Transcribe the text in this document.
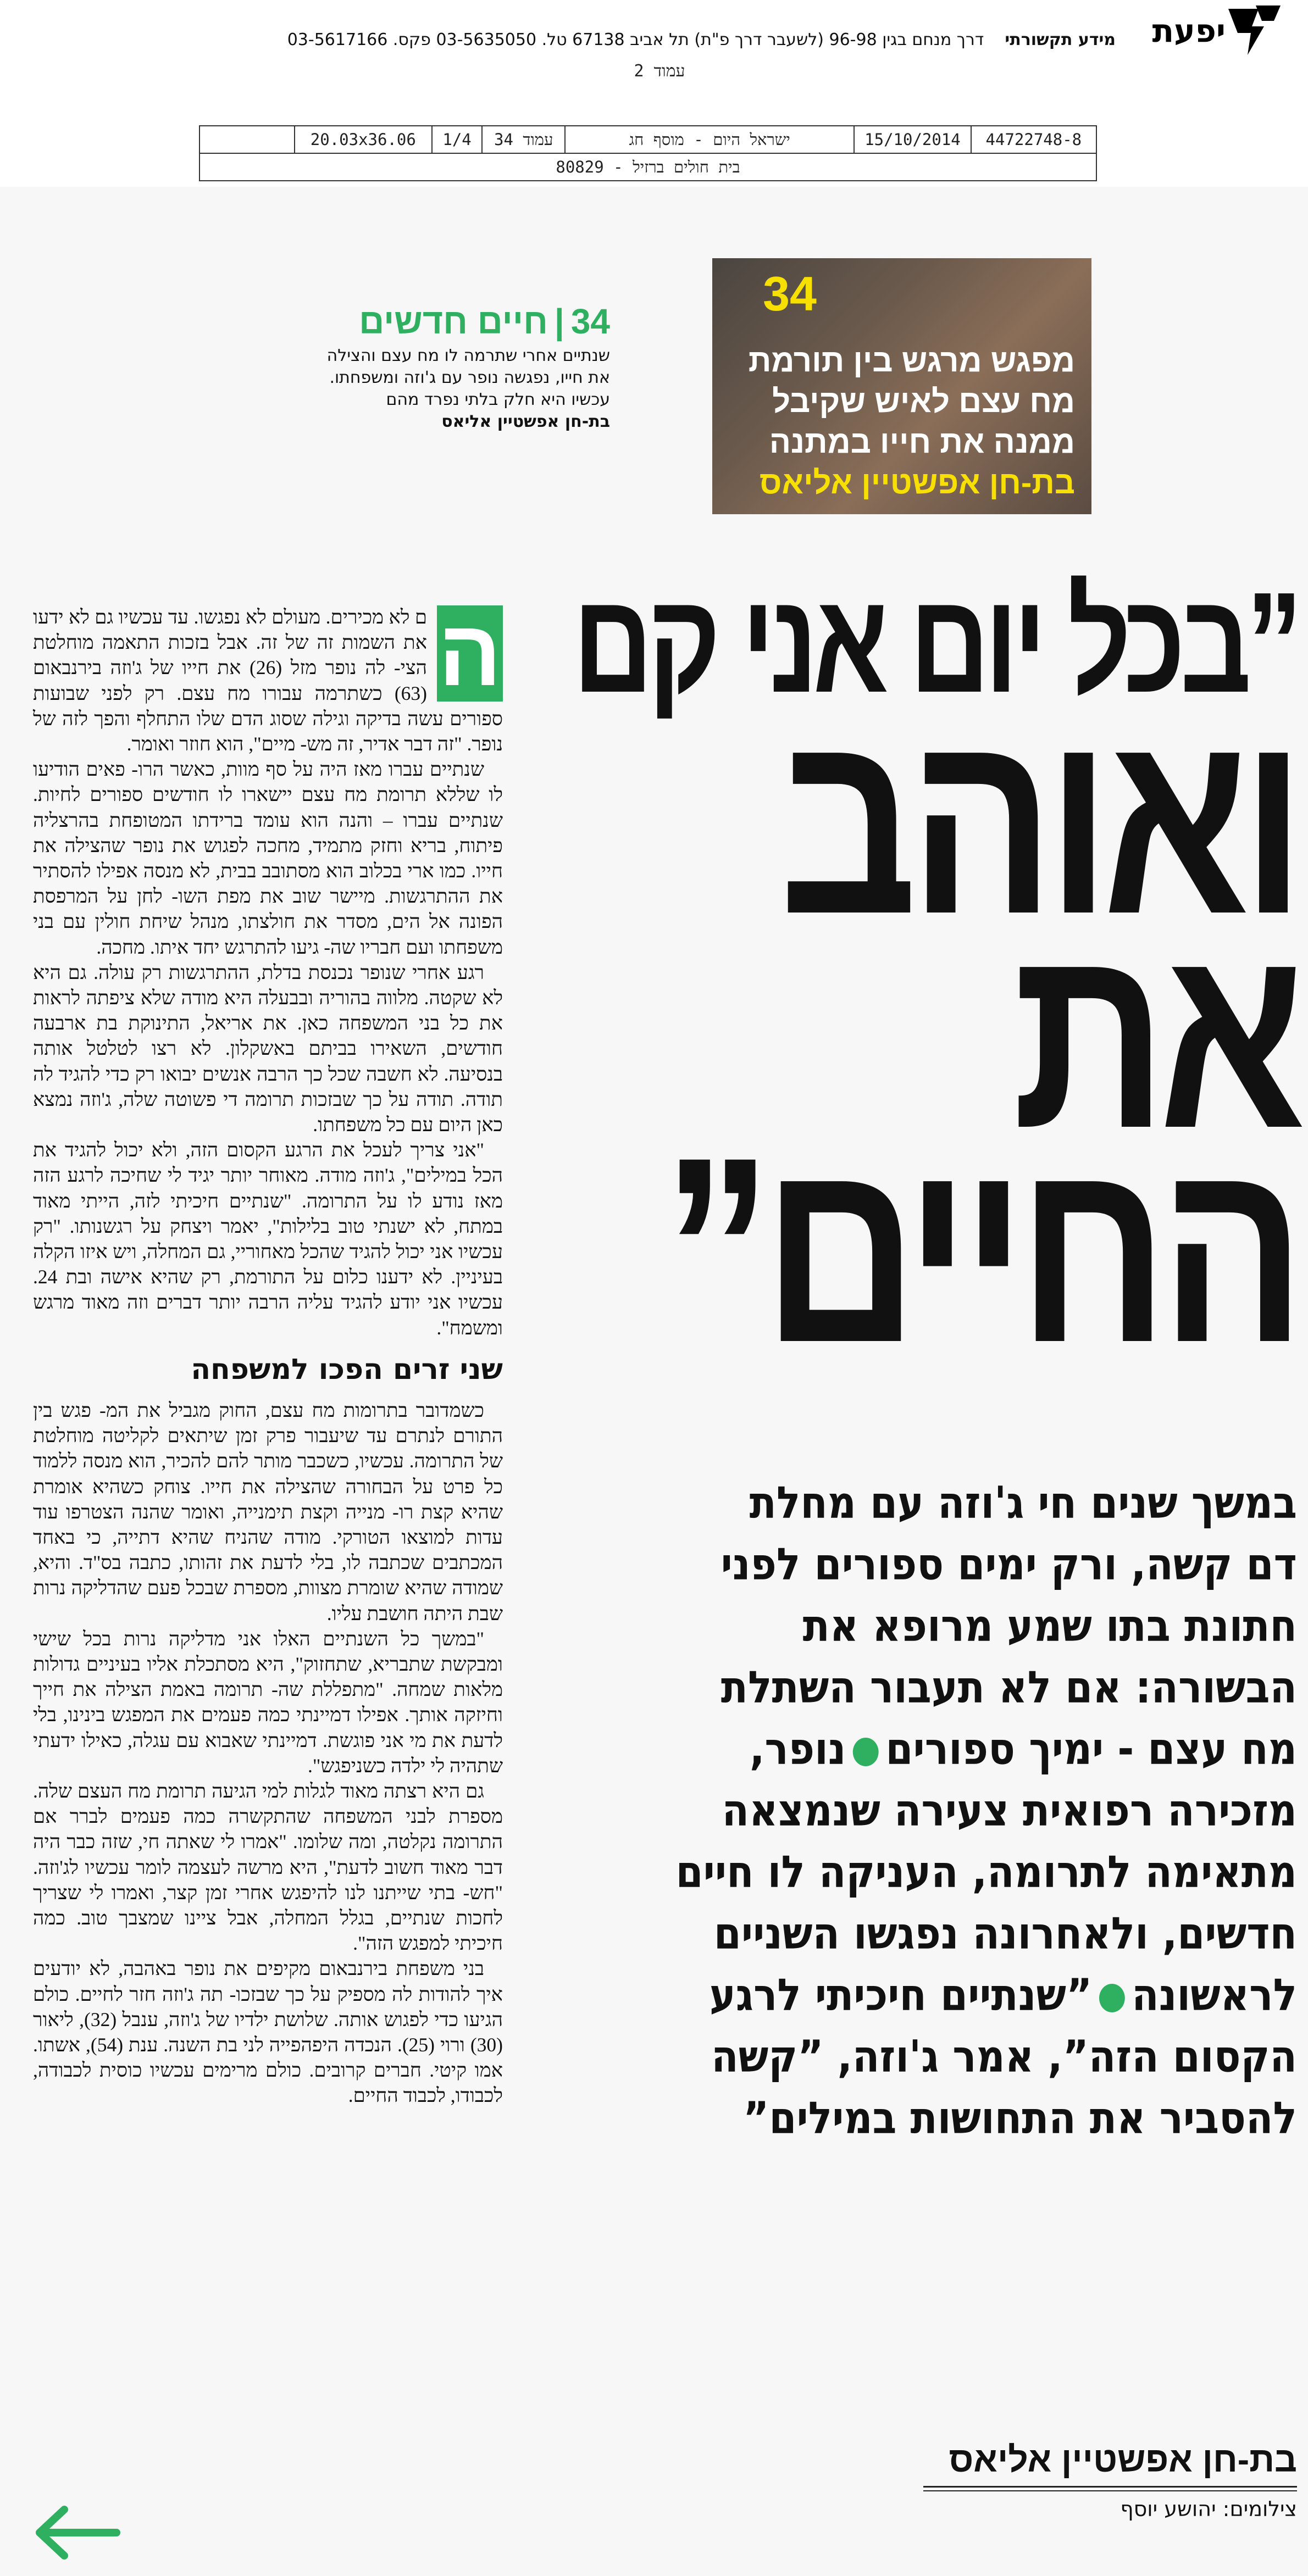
יפעת
מידע תקשורתי    דרך מנחם בגין 96-98 (לשעבר דרך פ"ת) תל אביב 67138 טל. 03-5635050 פקס. 03-5617166
עמוד 2
44722748-8
15/10/2014
ישראל היום - מוסף חג
עמוד 34
1/4
20.03x36.06
בית חולים ברזיל - 80829
34
מפגש מרגש בין תורמת
מח עצם לאיש שקיבל
ממנה את חייו במתנה
בת-חן אפשטיין אליאס
34|חיים חדשים
שנתיים אחרי שתרמה לו מח עצם והצילה
את חייו, נפגשה נופר עם ג'וזה ומשפחתו.
עכשיו היא חלק בלתי נפרד מהם
בת-חן אפשטיין אליאס
”בכל יום אני קם
ואוהב
את
החיים”
במשך שנים חי ג'וזה עם מחלת
דם קשה, ורק ימים ספורים לפני
חתונת בתו שמע מרופא את
הבשורה: אם לא תעבור השתלת
מח עצם - ימיך ספוריםנופר,
מזכירה רפואית צעירה שנמצאה
מתאימה לתרומה, העניקה לו חיים
חדשים, ולאחרונה נפגשו השניים
לראשונה”שנתיים חיכיתי לרגע
הקסום הזה”, אמר ג'וזה, ”קשה
להסביר את התחושות במילים”
ה

ם לא מכירים. מעולם לא נפגשו. עד עכשיו גם לא ידעו את השמות זה של זה. אבל בזכות התאמה מוחלטת הצי- לה נופר מזל (26) את חייו של ג'וזה בירנבאום (63) כשתרמה עבורו מח עצם. רק לפני שבועות ספורים עשה בדיקה וגילה שסוג הדם שלו התחלף והפך לזה של נופר. "זה דבר אדיר, זה מש- מיים", הוא חוזר ואומר.

שנתיים עברו מאז היה על סף מוות, כאשר הרו- פאים הודיעו לו שללא תרומת מח עצם יישארו לו חודשים ספורים לחיות. שנתיים עברו – והנה הוא עומד ברידתו המטופחת בהרצליה פיתוח, בריא וחזק מתמיד, מחכה לפגוש את נופר שהצילה את חייו. כמו ארי בכלוב הוא מסתובב בבית, לא מנסה אפילו להסתיר את ההתרגשות. מיישר שוב את מפת השו- לחן על המרפסת הפונה אל הים, מסדר את חולצתו, מנהל שיחת חולין עם בני משפחתו ועם חבריו שה- גיעו להתרגש יחד איתו. מחכה.

רגע אחרי שנופר נכנסת בדלת, ההתרגשות רק עולה. גם היא לא שקטה. מלווה בהוריה ובבעלה היא מודה שלא ציפתה לראות את כל בני המשפחה כאן. את אריאל, התינוקת בת ארבעה חודשים, השאירו בביתם באשקלון. לא רצו לטלטל אותה בנסיעה. לא חשבה שכל כך הרבה אנשים יבואו רק כדי להגיד לה תודה. תודה על כך שבזכות תרומה די פשוטה שלה, ג'וזה נמצא כאן היום עם כל משפחתו.

"אני צריך לעכל את הרגע הקסום הזה, ולא יכול להגיד את הכל במילים", ג'וזה מודה. מאוחר יותר יגיד לי שחיכה לרגע הזה מאז נודע לו על התרומה. "שנתיים חיכיתי לזה, הייתי מאוד במתח, לא ישנתי טוב בלילות", יאמר ויצחק על רגשנותו. "רק עכשיו אני יכול להגיד שהכל מאחוריי, גם המחלה, ויש איזו הקלה בעיניין. לא ידענו כלום על התורמת, רק שהיא אישה ובת 24. עכשיו אני יודע להגיד עליה הרבה יותר דברים וזה מאוד מרגש ומשמח".

שני זרים הפכו למשפחה

כשמדובר בתרומות מח עצם, החוק מגביל את המ- פגש בין התורם לנתרם עד שיעבור פרק זמן שיתאים לקליטה מוחלטת של התרומה. עכשיו, כשכבר מותר להם להכיר, הוא מנסה ללמוד כל פרט על הבחורה שהצילה את חייו. צוחק כשהיא אומרת שהיא קצת רו- מנייה וקצת תימנייה, ואומר שהנה הצטרפו עוד עדות למוצאו הטורקי. מודה שהניח שהיא דתייה, כי באחד המכתבים שכתבה לו, בלי לדעת את זהותו, כתבה בס"ד. והיא, שמודה שהיא שומרת מצוות, מספרת שבכל פעם שהדליקה נרות שבת היתה חושבת עליו.

"במשך כל השנתיים האלו אני מדליקה נרות בכל שישי ומבקשת שתבריא, שתחזוק", היא מסתכלת אליו בעיניים גדולות מלאות שמחה. "מתפללת שה- תרומה באמת הצילה את חייך וחיזקה אותך. אפילו דמיינתי כמה פעמים את המפגש בינינו, בלי לדעת את מי אני פוגשת. דמיינתי שאבוא עם עגלה, כאילו ידעתי שתהיה לי ילדה כשניפגש".

גם היא רצתה מאוד לגלות למי הגיעה תרומת מח העצם שלה. מספרת לבני המשפחה שהתקשרה כמה פעמים לברר אם התרומה נקלטה, ומה שלומו. "אמרו לי שאתה חי, שזה כבר היה דבר מאוד חשוב לדעת", היא מרשה לעצמה לומר עכשיו לג'וזה. "חש- בתי שייתנו לנו להיפגש אחרי זמן קצר, ואמרו לי שצריך לחכות שנתיים, בגלל המחלה, אבל ציינו שמצבך טוב. כמה חיכיתי למפגש הזה".

בני משפחת בירנבאום מקיפים את נופר באהבה, לא יודעים איך להודות לה מספיק על כך שבזכו- תה ג'וזה חזר לחיים. כולם הגיעו כדי לפגוש אותה. שלושת ילדיו של ג'וזה, ענבל (32), ליאור (30) ורוי (25). הנכדה היפהפייה לני בת השנה. ענת (54), אשתו. אמו קיטי. חברים קרובים. כולם מרימים עכשיו כוסית לכבודה, לכבודו, לכבוד החיים.

בת-חן אפשטיין אליאס
צילומים: יהושע יוסף
